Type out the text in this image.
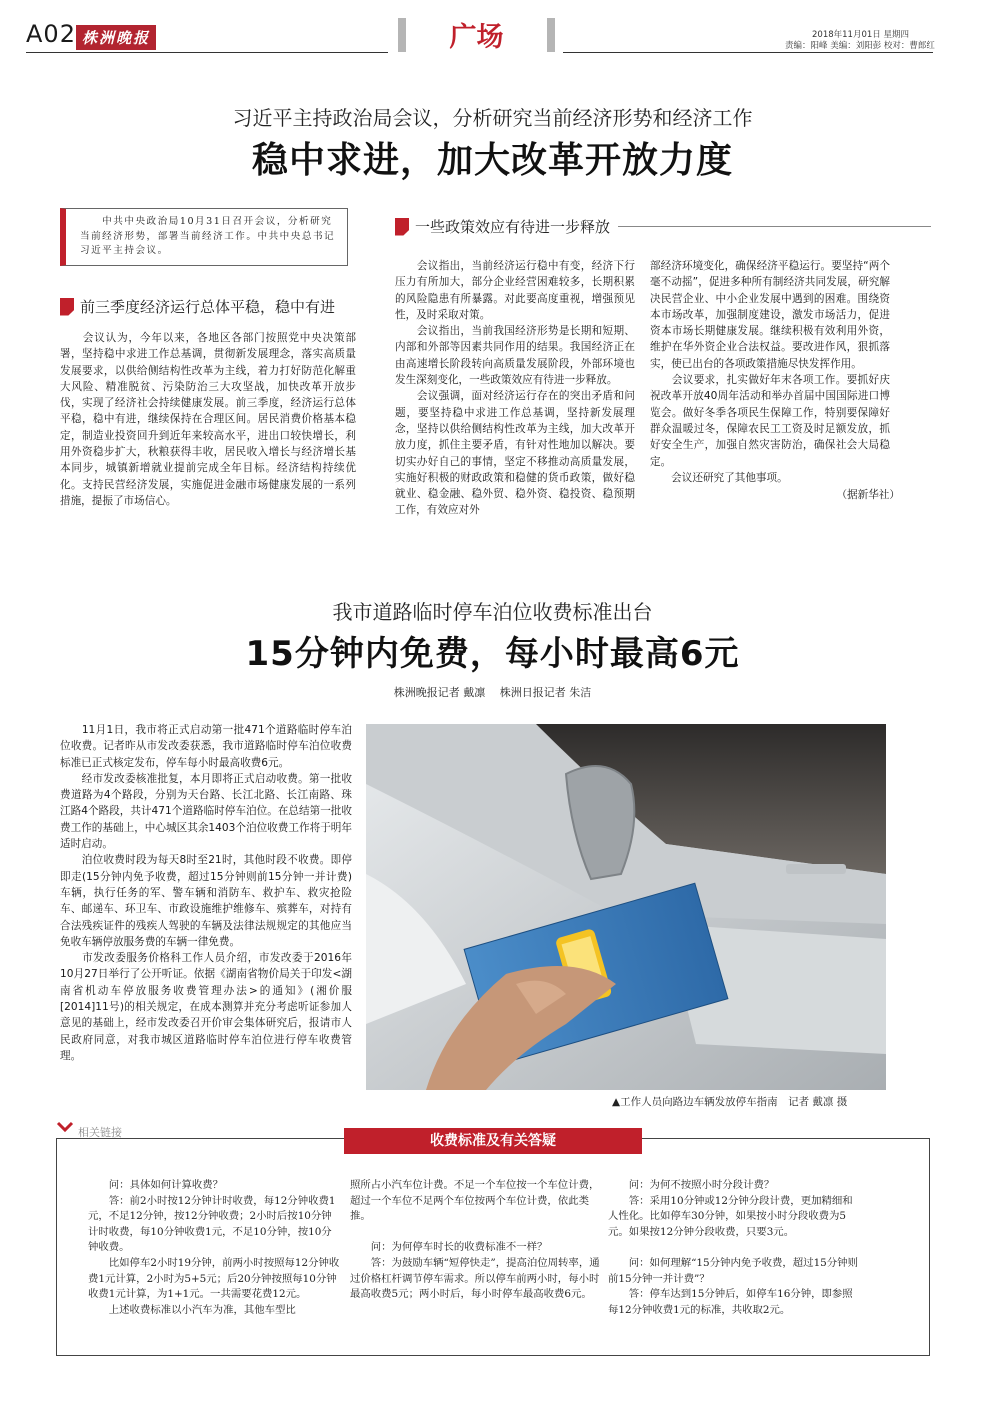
A02 株洲晚报	广场	2018年11月01日 星期四
责编：阳峰 美编：刘阳彭 校对：曹郎红
习近平主持政治局会议，分析研究当前经济形势和经济工作
稳中求进，加大改革开放力度
　　中共中央政治局10月31日召开会议，分析研究当前经济形势，部署当前经济工作。中共中央总书记习近平主持会议。
前三季度经济运行总体平稳，稳中有进
　　会议认为，今年以来，各地区各部门按照党中央决策部署，坚持稳中求进工作总基调，贯彻新发展理念，落实高质量发展要求，以供给侧结构性改革为主线，着力打好防范化解重大风险、精准脱贫、污染防治三大攻坚战，加快改革开放步伐，实现了经济社会持续健康发展。前三季度，经济运行总体平稳，稳中有进，继续保持在合理区间。居民消费价格基本稳定，制造业投资回升到近年来较高水平，进出口较快增长，利用外资稳步扩大，秋粮获得丰收，居民收入增长与经济增长基本同步，城镇新增就业提前完成全年目标。经济结构持续优化。支持民营经济发展，实施促进金融市场健康发展的一系列措施，提振了市场信心。
一些政策效应有待进一步释放
　　会议指出，当前经济运行稳中有变，经济下行压力有所加大，部分企业经营困难较多，长期积累的风险隐患有所暴露。对此要高度重视，增强预见性，及时采取对策。
　　会议指出，当前我国经济形势是长期和短期、内部和外部等因素共同作用的结果。我国经济正在由高速增长阶段转向高质量发展阶段，外部环境也发生深刻变化，一些政策效应有待进一步释放。
　　会议强调，面对经济运行存在的突出矛盾和问题，要坚持稳中求进工作总基调，坚持新发展理念，坚持以供给侧结构性改革为主线，加大改革开放力度，抓住主要矛盾，有针对性地加以解决。要切实办好自己的事情，坚定不移推动高质量发展，实施好积极的财政政策和稳健的货币政策，做好稳就业、稳金融、稳外贸、稳外资、稳投资、稳预期工作，有效应对外
部经济环境变化，确保经济平稳运行。要坚持“两个毫不动摇”，促进多种所有制经济共同发展，研究解决民营企业、中小企业发展中遇到的困难。围绕资本市场改革，加强制度建设，激发市场活力，促进资本市场长期健康发展。继续积极有效利用外资，维护在华外资企业合法权益。要改进作风，狠抓落实，使已出台的各项政策措施尽快发挥作用。
　　会议要求，扎实做好年末各项工作。要抓好庆祝改革开放40周年活动和举办首届中国国际进口博览会。做好冬季各项民生保障工作，特别要保障好群众温暖过冬，保障农民工工资及时足额发放，抓好安全生产，加强自然灾害防治，确保社会大局稳定。
　　会议还研究了其他事项。
（据新华社）
我市道路临时停车泊位收费标准出台
15分钟内免费，每小时最高6元
株洲晚报记者 戴凛　 株洲日报记者 朱洁
　　11月1日，我市将正式启动第一批471个道路临时停车泊位收费。记者昨从市发改委获悉，我市道路临时停车泊位收费标准已正式核定发布，停车每小时最高收费6元。
　　经市发改委核准批复，本月即将正式启动收费。第一批收费道路为4个路段，分别为天台路、长江北路、长江南路、珠江路4个路段，共计471个道路临时停车泊位。在总结第一批收费工作的基础上，中心城区其余1403个泊位收费工作将于明年适时启动。
　　泊位收费时段为每天8时至21时，其他时段不收费。即停即走(15分钟内免予收费，超过15分钟则前15分钟一并计费)车辆，执行任务的军、警车辆和消防车、救护车、救灾抢险车、邮递车、环卫车、市政设施维护维修车、殡葬车，对持有合法残疾证件的残疾人驾驶的车辆及法律法规规定的其他应当免收车辆停放服务费的车辆一律免费。
　　市发改委服务价格科工作人员介绍，市发改委于2016年10月27日举行了公开听证。依据《湖南省物价局关于印发<湖南省机动车停放服务收费管理办法>的通知》(湘价服[2014]11号)的相关规定，在成本测算并充分考虑听证参加人意见的基础上，经市发改委召开价审会集体研究后，报请市人民政府同意，对我市城区道路临时停车泊位进行停车收费管理。
▲工作人员向路边车辆发放停车指南　记者 戴凛 摄
相关链接
收费标准及有关答疑
　　问：具体如何计算收费？
　　答：前2小时按12分钟计时收费，每12分钟收费1元，不足12分钟，按12分钟收费；2小时后按10分钟计时收费，每10分钟收费1元，不足10分钟，按10分钟收费。
　　比如停车2小时19分钟，前两小时按照每12分钟收费1元计算，2小时为5+5元；后20分钟按照每10分钟收费1元计算，为1+1元。一共需要花费12元。
　　上述收费标准以小汽车为准，其他车型比
照所占小汽车位计费。不足一个车位按一个车位计费，超过一个车位不足两个车位按两个车位计费，依此类推。

　　问：为何停车时长的收费标准不一样？
　　答：为鼓励车辆“短停快走”，提高泊位周转率，通过价格杠杆调节停车需求。所以停车前两小时，每小时最高收费5元；两小时后，每小时停车最高收费6元。
　　问：为何不按照小时分段计费？
　　答：采用10分钟或12分钟分段计费，更加精细和人性化。比如停车30分钟，如果按小时分段收费为5元。如果按12分钟分段收费，只要3元。

　　问：如何理解“15分钟内免予收费，超过15分钟则前15分钟一并计费”？
　　答：停车达到15分钟后，如停车16分钟，即参照每12分钟收费1元的标准，共收取2元。
